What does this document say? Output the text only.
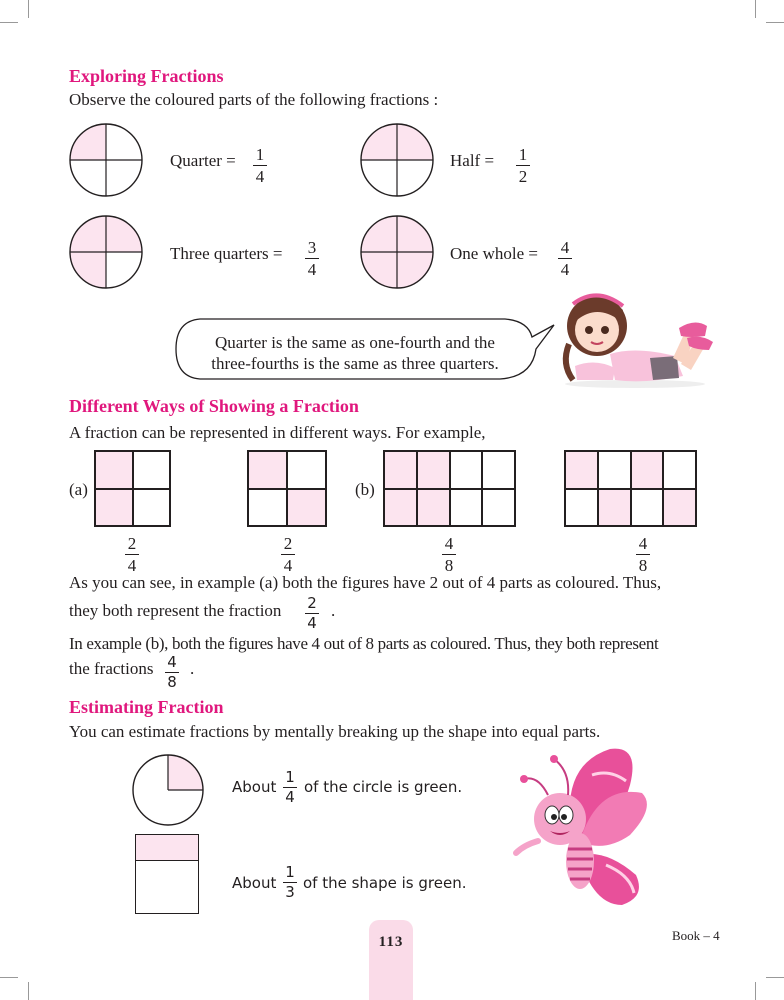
Exploring Fractions
Observe the coloured parts of the following fractions :
Quarter = 1
4
Half = 1
2
Three quarters = 3
4
One whole = 4
4
Quarter is the same as one-fourth and the
three-fourths is the same as three quarters.
Different Ways of Showing a Fraction
A fraction can be represented in different ways. For example,
(a)	(b)
2
4
2
4
4
8
4
8
As you can see, in example (a) both the figures have 2 out of 4 parts as coloured. Thus,
they both represent the fraction 2
4
.
In example (b), both the figures have 4 out of 8 parts as coloured. Thus, they both represent
the fractions 4
8
.
Estimating Fraction
You can estimate fractions by mentally breaking up the shape into equal parts.
About
1
4
of the circle is green.
About
1
3 of the shape is green.
113	Book – 4
